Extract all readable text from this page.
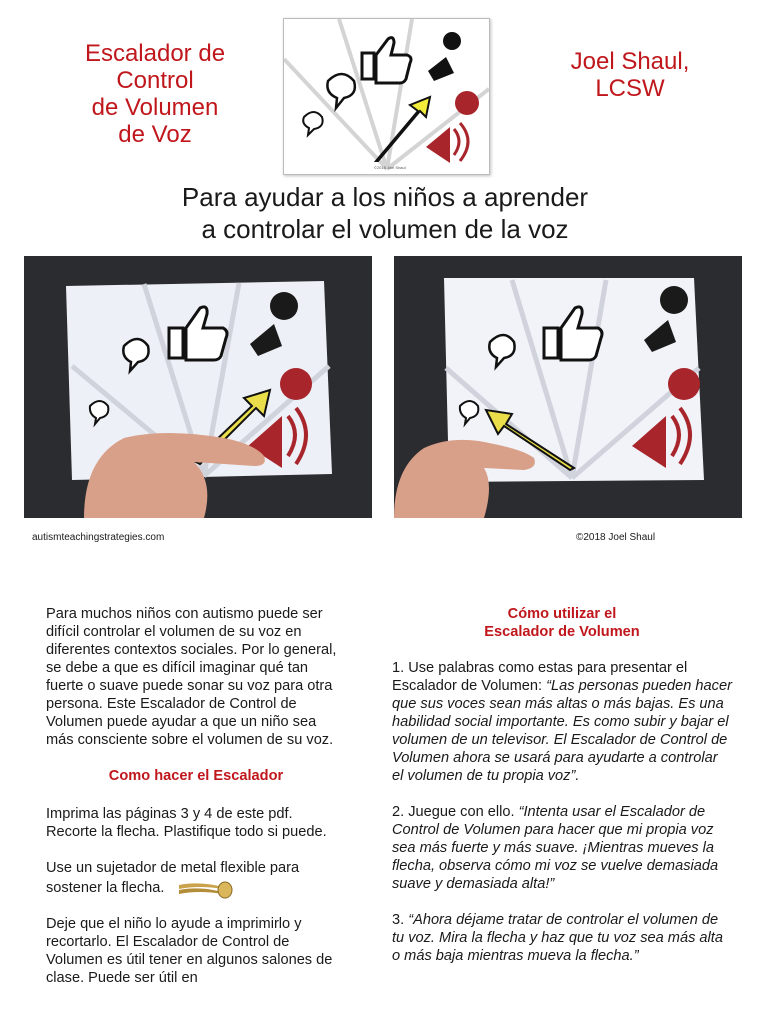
Escalador de
Control
de Volumen
de Voz
©2018 Joel Shaul
Joel Shaul,
LCSW
Para ayudar a los niños a aprender
a controlar el volumen de la voz
autismteachingstrategies.com	©2018 Joel Shaul

Para muchos niños con autismo puede ser difícil controlar el volumen de su voz en diferentes contextos sociales. Por lo general, se debe a que es difícil imaginar qué tan fuerte o suave puede sonar su voz para otra persona. Este Escalador de Control de Volumen puede ayudar a que un niño sea más consciente sobre el volumen de su voz.

Como hacer el Escalador

Imprima las páginas 3 y 4 de este pdf. Recorte la flecha. Plastifique todo si puede.

Use un sujetador de metal flexible para sostener la flecha.

Deje que el niño lo ayude a imprimirlo y recortarlo. El Escalador de Control de Volumen es útil tener en algunos salones de clase. Puede ser útil en

Cómo utilizar el
Escalador de Volumen

1. Use palabras como estas para presentar el Escalador de Volumen: “Las personas pueden hacer que sus voces sean más altas o más bajas. Es una habilidad social importante. Es como subir y bajar el volumen de un televisor. El Escalador de Control de Volumen ahora se usará para ayudarte a controlar el volumen de tu propia voz”.

2. Juegue con ello. “Intenta usar el Escalador de Control de Volumen para hacer que mi propia voz sea más fuerte y más suave. ¡Mientras mueves la flecha, observa cómo mi voz se vuelve demasiada suave y demasiada alta!”

3. “Ahora déjame tratar de controlar el volumen de tu voz. Mira la flecha y haz que tu voz sea más alta o más baja mientras mueva la flecha.”
